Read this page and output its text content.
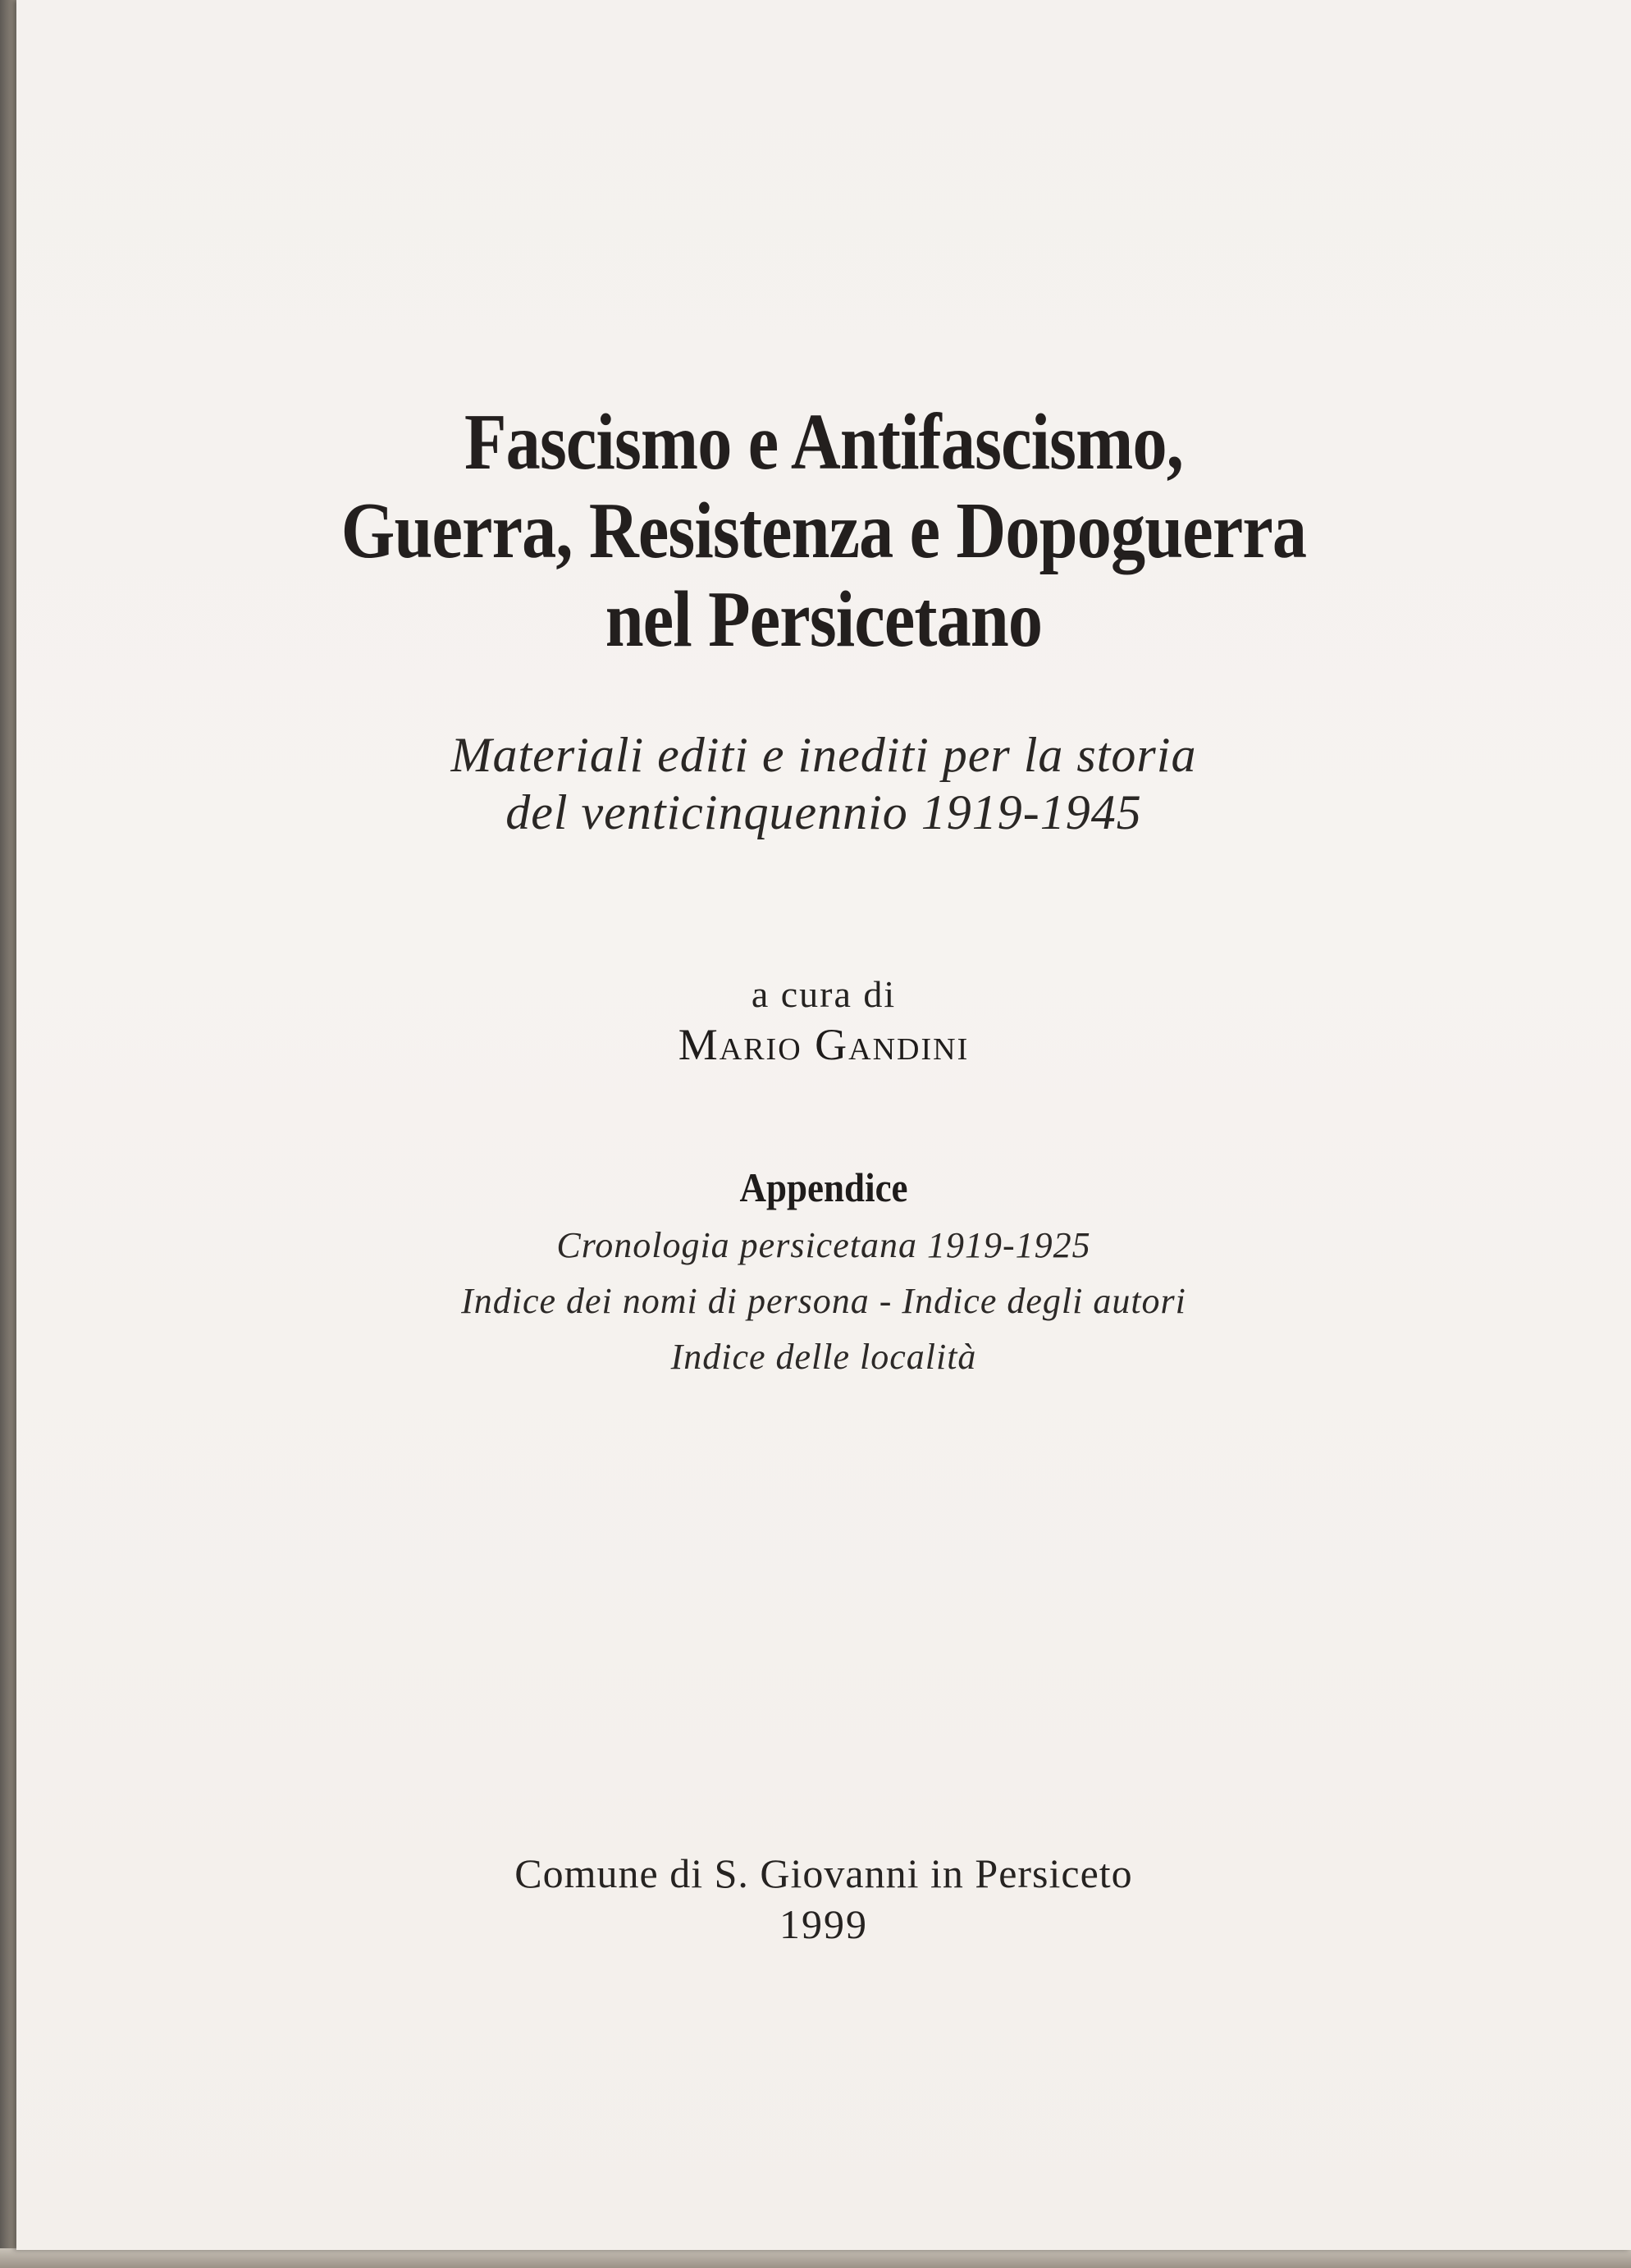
Fascismo e Antifascismo,
Guerra, Resistenza e Dopoguerra
nel Persicetano
Materiali editi e inediti per la storia
del venticinquennio 1919-1945
a cura di
Mario Gandini
Appendice
Cronologia persicetana 1919-1925
Indice dei nomi di persona - Indice degli autori
Indice delle località
Comune di S. Giovanni in Persiceto
1999
